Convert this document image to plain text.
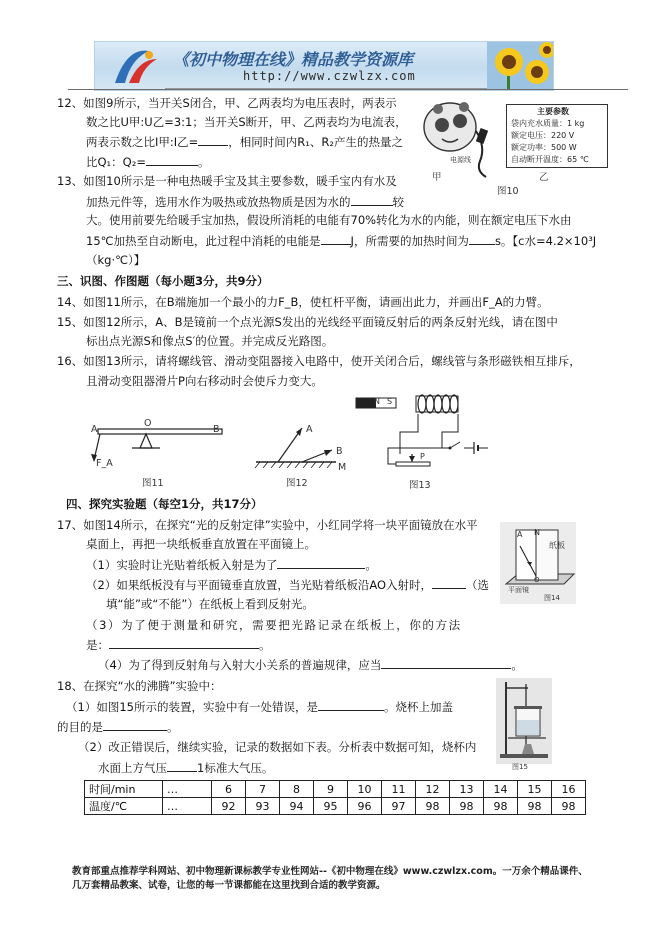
《初中物理在线》精品教学资源库
http://www.czwlzx.com
12、如图9所示，当开关S闭合，甲、乙两表均为电压表时，两表示
数之比U甲:U乙=3:1；当开关S断开，甲、乙两表均为电流表，
两表示数之比I甲:I乙=	，相同时间内R₁、R₂产生的热量之
比Q₁：Q₂=	。	电源线
甲
主要参数
袋内充水质量：1 kg
额定电压：220 V
额定功率：500 W
自动断开温度：65 ℃
乙
图10
13、如图10所示是一种电热暖手宝及其主要参数，暖手宝内有水及
加热元件等，选用水作为吸热或放热物质是因为水的	较
大。使用前要先给暖手宝加热，假设所消耗的电能有70%转化为水的内能，则在额定电压下水由
15℃加热至自动断电，此过程中消耗的电能是	J，所需要的加热时间为 s。【c水=4.2×10³J
（kg·℃）】
三、识图、作图题（每小题3分，共9分）
14、如图11所示，在B端施加一个最小的力F_B，使杠杆平衡，请画出此力，并画出F_A的力臂。
15、如图12所示，A、B是镜前一个点光源S发出的光线经平面镜反射后的两条反射光线，请在图中
标出点光源S和像点S′的位置。并完成反光路图。
16、如图13所示，请将螺线管、滑动变阻器接入电路中，使开关闭合后，螺线管与条形磁铁相互排斥，
且滑动变阻器滑片P向右移动时会使斥力变大。
A
O
B
F_A
图11
A
B
M
图12
N S
P
图13
四、探究实验题（每空1分，共17分）
17、如图14所示，在探究“光的反射定律”实验中，小红同学将一块平面镜放在水平
桌面上，再把一块纸板垂直放置在平面镜上。
（1）实验时让光贴着纸板入射是为了	。
（2）如果纸板没有与平面镜垂直放置，当光贴着纸板沿AO入射时，	（选
填“能”或“不能”）在纸板上看到反射光。
（3）为了便于测量和研究，需要把光路记录在纸板上，你的方法
是：	。
（4）为了得到反射角与入射大小关系的普遍规律，应当	。
A N
纸板
O
平面镜
图14
18、在探究“水的沸腾”实验中：
（1）如图15所示的装置，实验中有一处错误，是	。烧杯上加盖
的目的是	。
（2）改正错误后，继续实验，记录的数据如下表。分析表中数据可知，烧杯内
水面上方气压	1标准大气压。	图15
时间/min	…	6	7	8	9	10	11	12	13	14	15	16
温度/℃	…	92	93	94	95	96	97	98	98	98	98	98
教育部重点推荐学科网站、初中物理新课标教学专业性网站--《初中物理在线》www.czwlzx.com。一万余个精品课件、
几万套精品教案、试卷，让您的每一节课都能在这里找到合适的教学资源。
